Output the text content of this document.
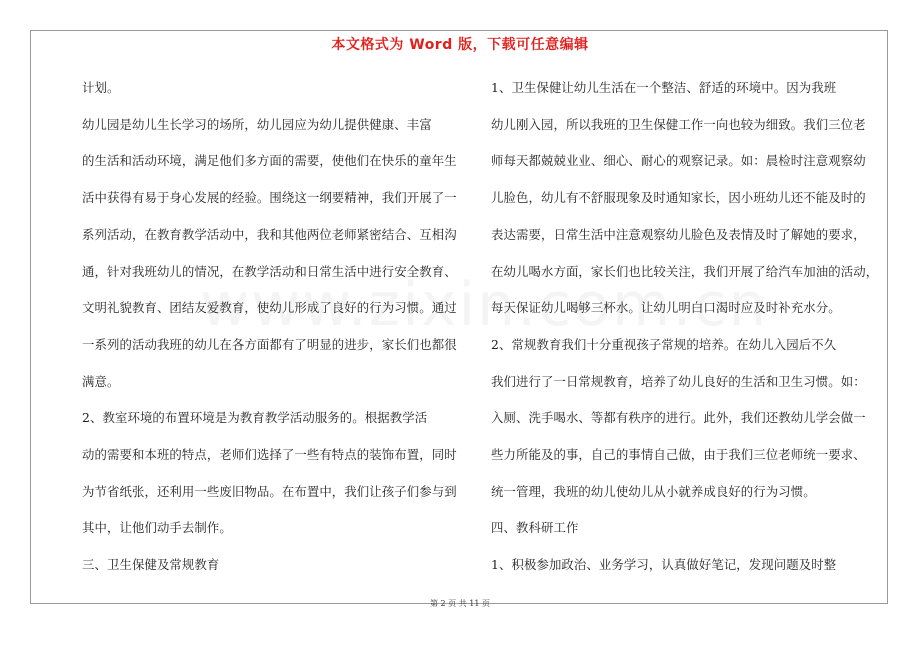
本文格式为 Word 版，下载可任意编辑

计划。

幼儿园是幼儿生长学习的场所，幼儿园应为幼儿提供健康、丰富

的生活和活动环境，满足他们多方面的需要，使他们在快乐的童年生

活中获得有易于身心发展的经验。围绕这一纲要精神，我们开展了一

系列活动，在教育教学活动中，我和其他两位老师紧密结合、互相沟

通，针对我班幼儿的情况，在教学活动和日常生活中进行安全教育、

文明礼貌教育、团结友爱教育，使幼儿形成了良好的行为习惯。通过

一系列的活动我班的幼儿在各方面都有了明显的进步，家长们也都很

满意。

2、教室环境的布置环境是为教育教学活动服务的。根据教学活

动的需要和本班的特点，老师们选择了一些有特点的装饰布置，同时

为节省纸张，还利用一些废旧物品。在布置中，我们让孩子们参与到

其中，让他们动手去制作。

三、卫生保健及常规教育

1、卫生保健让幼儿生活在一个整洁、舒适的环境中。因为我班

幼儿刚入园，所以我班的卫生保健工作一向也较为细致。我们三位老

师每天都兢兢业业、细心、耐心的观察记录。如：晨检时注意观察幼

儿脸色，幼儿有不舒服现象及时通知家长，因小班幼儿还不能及时的

表达需要，日常生活中注意观察幼儿脸色及表情及时了解她的要求，

在幼儿喝水方面，家长们也比较关注，我们开展了给汽车加油的活动，

每天保证幼儿喝够三杯水。让幼儿明白口渴时应及时补充水分。

2、常规教育我们十分重视孩子常规的培养。在幼儿入园后不久

我们进行了一日常规教育，培养了幼儿良好的生活和卫生习惯。如：

入厕、洗手喝水、等都有秩序的进行。此外，我们还教幼儿学会做一

些力所能及的事，自己的事情自己做，由于我们三位老师统一要求、

统一管理，我班的幼儿使幼儿从小就养成良好的行为习惯。

四、教科研工作

1、积极参加政治、业务学习，认真做好笔记，发现问题及时整

第 2 页 共 11 页
